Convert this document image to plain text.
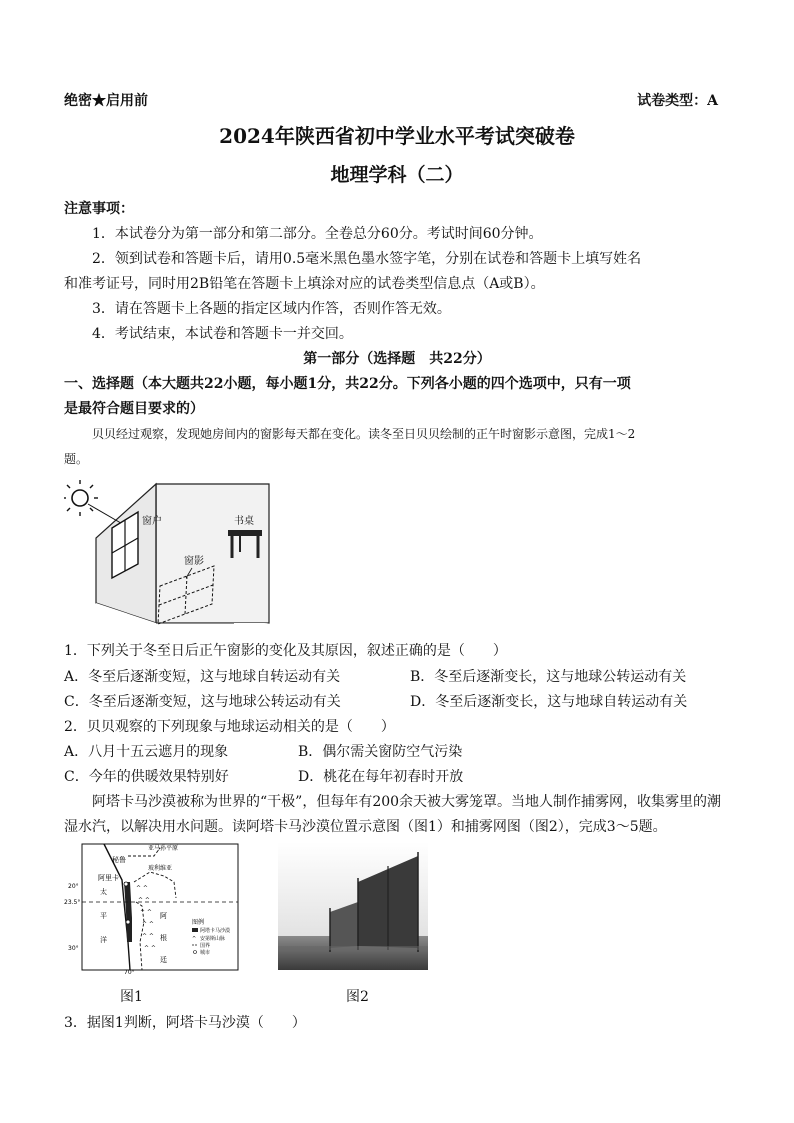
绝密★启用前	试卷类型：A
2024年陕西省初中学业水平考试突破卷
地理学科（二）
注意事项：
1．本试卷分为第一部分和第二部分。全卷总分60分。考试时间60分钟。
2．领到试卷和答题卡后，请用0.5毫米黑色墨水签字笔，分别在试卷和答题卡上填写姓名
和准考证号，同时用2B铅笔在答题卡上填涂对应的试卷类型信息点（A或B）。
3．请在答题卡上各题的指定区域内作答，否则作答无效。
4．考试结束，本试卷和答题卡一并交回。
第一部分（选择题　共22分）
一、选择题（本大题共22小题，每小题1分，共22分。下列各小题的四个选项中，只有一项
是最符合题目要求的）
贝贝经过观察，发现她房间内的窗影每天都在变化。读冬至日贝贝绘制的正午时窗影示意图，完成1～2
题。
窗户	书桌
窗影
1．下列关于冬至日后正午窗影的变化及其原因，叙述正确的是（　　）
A．冬至后逐渐变短，这与地球自转运动有关	B．冬至后逐渐变长，这与地球公转运动有关
C．冬至后逐渐变短，这与地球公转运动有关	D．冬至后逐渐变长，这与地球自转运动有关
2．贝贝观察的下列现象与地球运动相关的是（　　）
A．八月十五云遮月的现象	B．偶尔需关窗防空气污染
C．今年的供暖效果特别好	D．桃花在每年初春时开放
阿塔卡马沙漠被称为世界的“干极”，但每年有200余天被大雾笼罩。当地人制作捕雾网，收集雾里的潮
湿水汽，以解决用水问题。读阿塔卡马沙漠位置示意图（图1）和捕雾网图（图2），完成3～5题。
^ ^
^ ^
^ ^
^ ^
^ ^
^ ^
秘鲁
亚马孙平原
玻利维亚
阿里卡
太
平
洋
阿
根
廷
20°
23.5°
30°
70°
图例
阿塔卡马沙漠
^ 安第斯山脉
国界
城市
图1	图2
3．据图1判断，阿塔卡马沙漠（　　）
